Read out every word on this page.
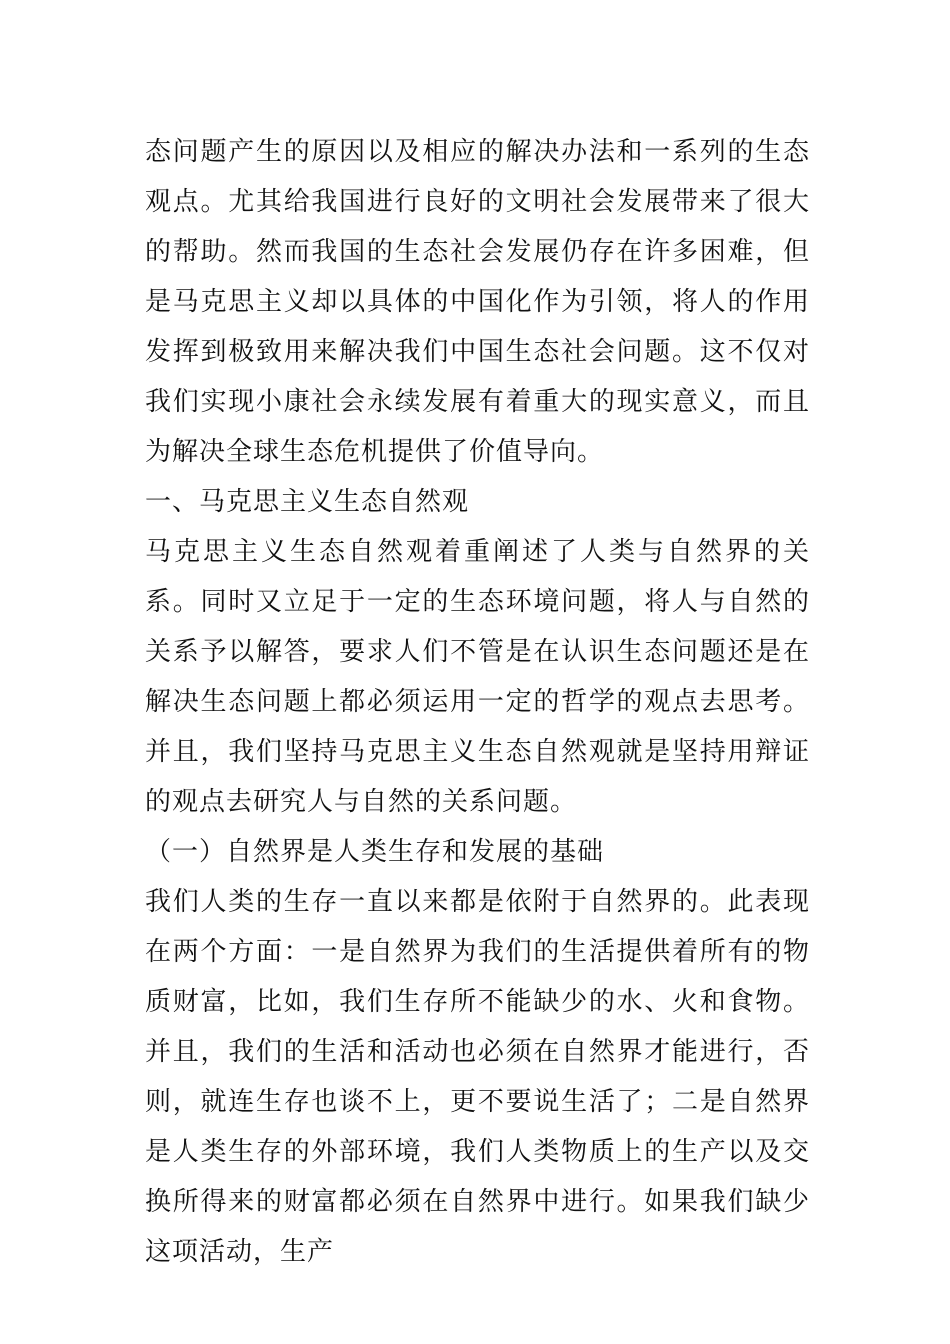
态问题产生的原因以及相应的解决办法和一系列的生态观点。尤其给我国进行良好的文明社会发展带来了很大的帮助。然而我国的生态社会发展仍存在许多困难，但是马克思主义却以具体的中国化作为引领，将人的作用发挥到极致用来解决我们中国生态社会问题。这不仅对我们实现小康社会永续发展有着重大的现实意义，而且为解决全球生态危机提供了价值导向。

一、马克思主义生态自然观

马克思主义生态自然观着重阐述了人类与自然界的关系。同时又立足于一定的生态环境问题，将人与自然的关系予以解答，要求人们不管是在认识生态问题还是在解决生态问题上都必须运用一定的哲学的观点去思考。并且，我们坚持马克思主义生态自然观就是坚持用辩证的观点去研究人与自然的关系问题。

（一）自然界是人类生存和发展的基础

我们人类的生存一直以来都是依附于自然界的。此表现在两个方面：一是自然界为我们的生活提供着所有的物质财富，比如，我们生存所不能缺少的水、火和食物。并且，我们的生活和活动也必须在自然界才能进行，否则，就连生存也谈不上，更不要说生活了；二是自然界是人类生存的外部环境，我们人类物质上的生产以及交换所得来的财富都必须在自然界中进行。如果我们缺少这项活动，生产
